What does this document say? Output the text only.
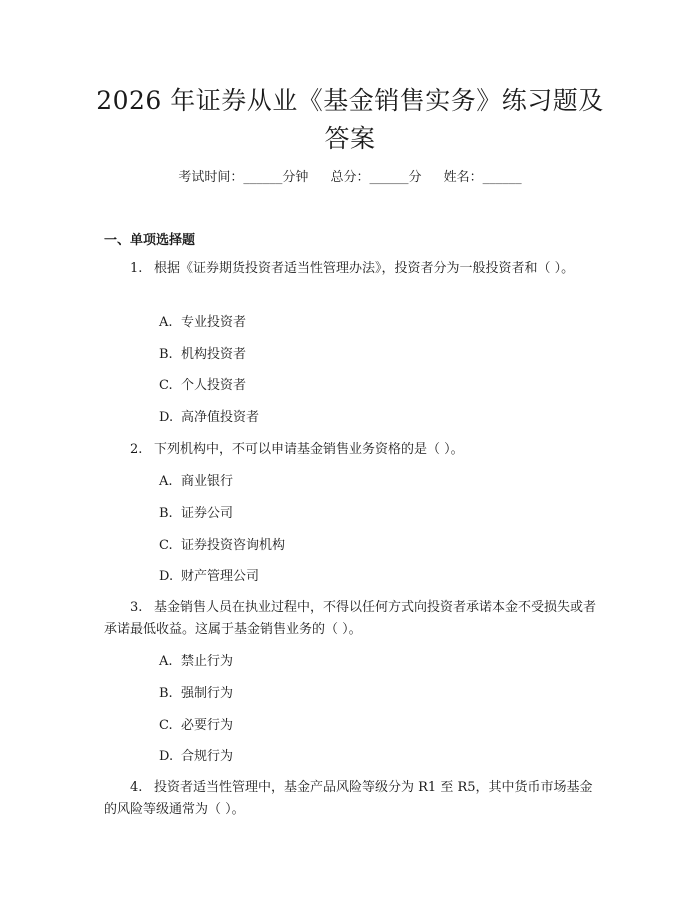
2026 年证券从业《基金销售实务》练习题及答案
考试时间：______分钟 总分：______分 姓名：______
一、单项选择题
1. 根据《证券期货投资者适当性管理办法》，投资者分为一般投资者和（ ）。
A. 专业投资者
B. 机构投资者
C. 个人投资者
D. 高净值投资者
2. 下列机构中，不可以申请基金销售业务资格的是（ ）。
A. 商业银行
B. 证券公司
C. 证券投资咨询机构
D. 财产管理公司
3. 基金销售人员在执业过程中，不得以任何方式向投资者承诺本金不受损失或者承诺最低收益。这属于基金销售业务的（ ）。
A. 禁止行为
B. 强制行为
C. 必要行为
D. 合规行为
4. 投资者适当性管理中，基金产品风险等级分为 R1 至 R5，其中货币市场基金的风险等级通常为（ ）。
